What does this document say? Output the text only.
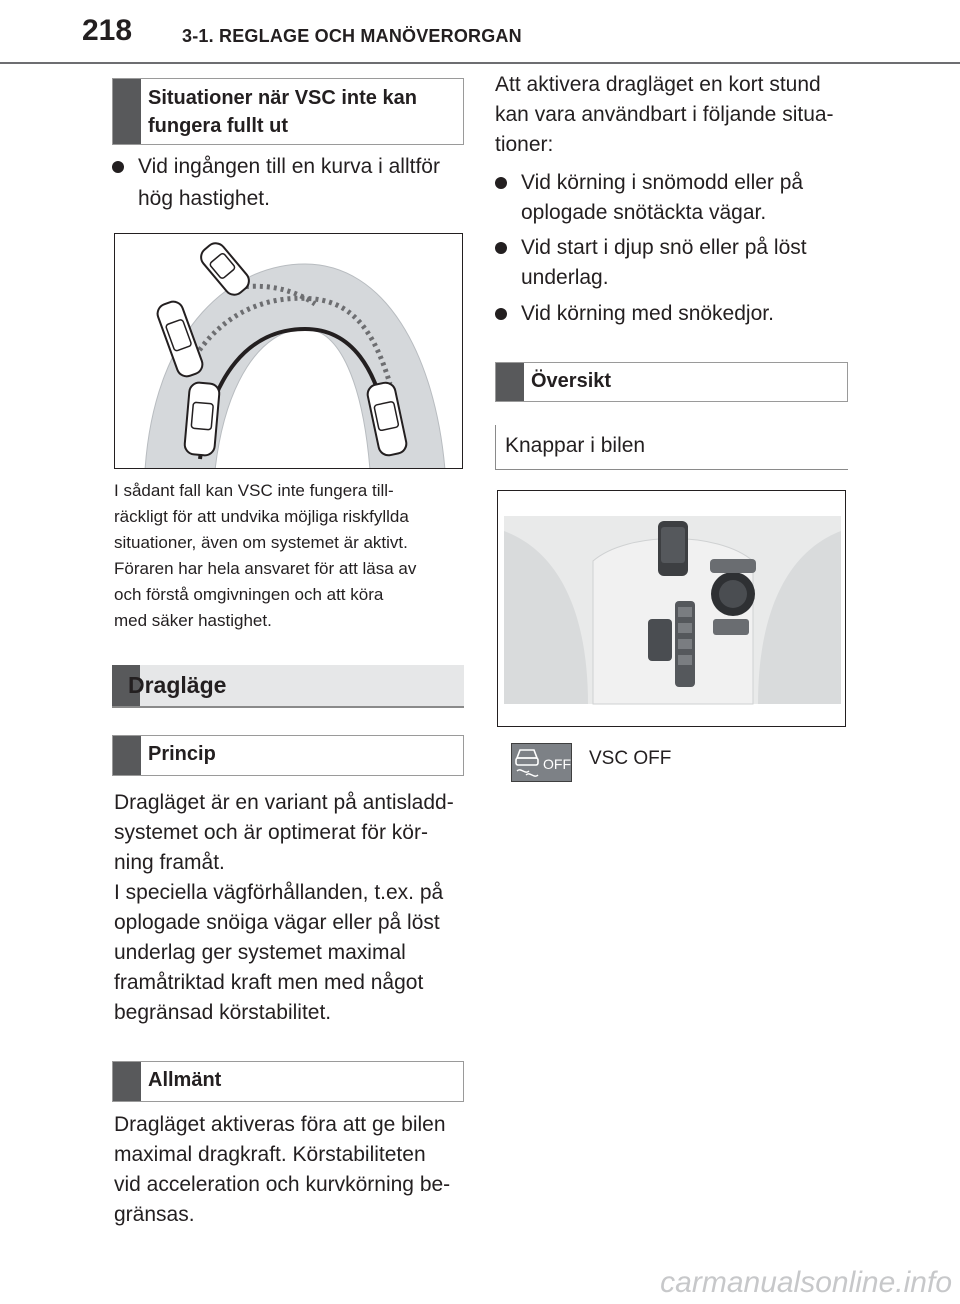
218	3-1. REGLAGE OCH MANÖVERORGAN
Situationer när VSC inte kan
fungera fullt ut
Vid ingången till en kurva i alltför
hög hastighet.
I sådant fall kan VSC inte fungera till-
räckligt för att undvika möjliga riskfyllda
situationer, även om systemet är aktivt.
Föraren har hela ansvaret för att läsa av
och förstå omgivningen och att köra
med säker hastighet.
Dragläge
Princip
Dragläget är en variant på antisladd-
systemet och är optimerat för kör-
ning framåt.
I speciella vägförhållanden, t.ex. på
oplogade snöiga vägar eller på löst
underlag ger systemet maximal
framåtriktad kraft men med något
begränsad körstabilitet.
Allmänt
Dragläget aktiveras föra att ge bilen
maximal dragkraft. Körstabiliteten
vid acceleration och kurvkörning be-
gränsas.
Att aktivera dragläget en kort stund
kan vara användbart i följande situa-
tioner:
Vid körning i snömodd eller på
oplogade snötäckta vägar.
Vid start i djup snö eller på löst
underlag.
Vid körning med snökedjor.
Översikt
Knappar i bilen
OFF VSC OFF
carmanualsonline.info
